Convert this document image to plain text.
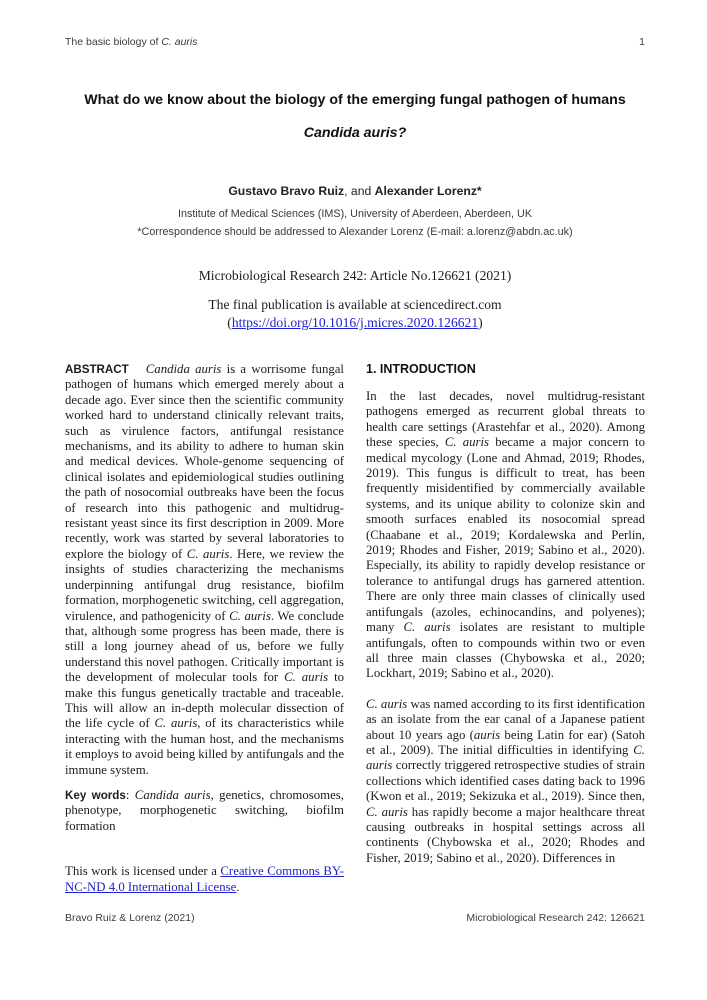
The basic biology of C. auris	1
What do we know about the biology of the emerging fungal pathogen of humans
Candida auris?
Gustavo Bravo Ruiz, and Alexander Lorenz*
Institute of Medical Sciences (IMS), University of Aberdeen, Aberdeen, UK
*Correspondence should be addressed to Alexander Lorenz (E-mail: a.lorenz@abdn.ac.uk)
Microbiological Research 242: Article No.126621 (2021)
The final publication is available at sciencedirect.com
(https://doi.org/10.1016/j.micres.2020.126621)

ABSTRACT Candida auris is a worrisome fungal pathogen of humans which emerged merely about a decade ago. Ever since then the scientific community worked hard to understand clinically relevant traits, such as virulence factors, antifungal resistance mechanisms, and its ability to adhere to human skin and medical devices. Whole-genome sequencing of clinical isolates and epidemiological studies outlining the path of nosocomial outbreaks have been the focus of research into this pathogenic and multidrug-resistant yeast since its first description in 2009. More recently, work was started by several laboratories to explore the biology of C. auris. Here, we review the insights of studies characterizing the mechanisms underpinning antifungal drug resistance, biofilm formation, morphogenetic switching, cell aggregation, virulence, and pathogenicity of C. auris. We conclude that, although some progress has been made, there is still a long journey ahead of us, before we fully understand this novel pathogen. Critically important is the development of molecular tools for C. auris to make this fungus genetically tractable and traceable. This will allow an in-depth molecular dissection of the life cycle of C. auris, of its characteristics while interacting with the human host, and the mechanisms it employs to avoid being killed by antifungals and the immune system.

Key words: Candida auris, genetics, chromosomes, phenotype, morphogenetic switching, biofilm formation

This work is licensed under a Creative Commons BY-NC-ND 4.0 International License.

1. INTRODUCTION

In the last decades, novel multidrug-resistant pathogens emerged as recurrent global threats to health care settings (Arastehfar et al., 2020). Among these species, C. auris became a major concern to medical mycology (Lone and Ahmad, 2019; Rhodes, 2019). This fungus is difficult to treat, has been frequently misidentified by commercially available systems, and its unique ability to colonize skin and smooth surfaces enabled its nosocomial spread (Chaabane et al., 2019; Kordalewska and Perlin, 2019; Rhodes and Fisher, 2019; Sabino et al., 2020). Especially, its ability to rapidly develop resistance or tolerance to antifungal drugs has garnered attention. There are only three main classes of clinically used antifungals (azoles, echinocandins, and polyenes); many C. auris isolates are resistant to multiple antifungals, often to compounds within two or even all three main classes (Chybowska et al., 2020; Lockhart, 2019; Sabino et al., 2020).

C. auris was named according to its first identification as an isolate from the ear canal of a Japanese patient about 10 years ago (auris being Latin for ear) (Satoh et al., 2009). The initial difficulties in identifying C. auris correctly triggered retrospective studies of strain collections which identified cases dating back to 1996 (Kwon et al., 2019; Sekizuka et al., 2019). Since then, C. auris has rapidly become a major healthcare threat causing outbreaks in hospital settings across all continents (Chybowska et al., 2020; Rhodes and Fisher, 2019; Sabino et al., 2020). Differences in

Bravo Ruiz & Lorenz (2021)	Microbiological Research 242: 126621
